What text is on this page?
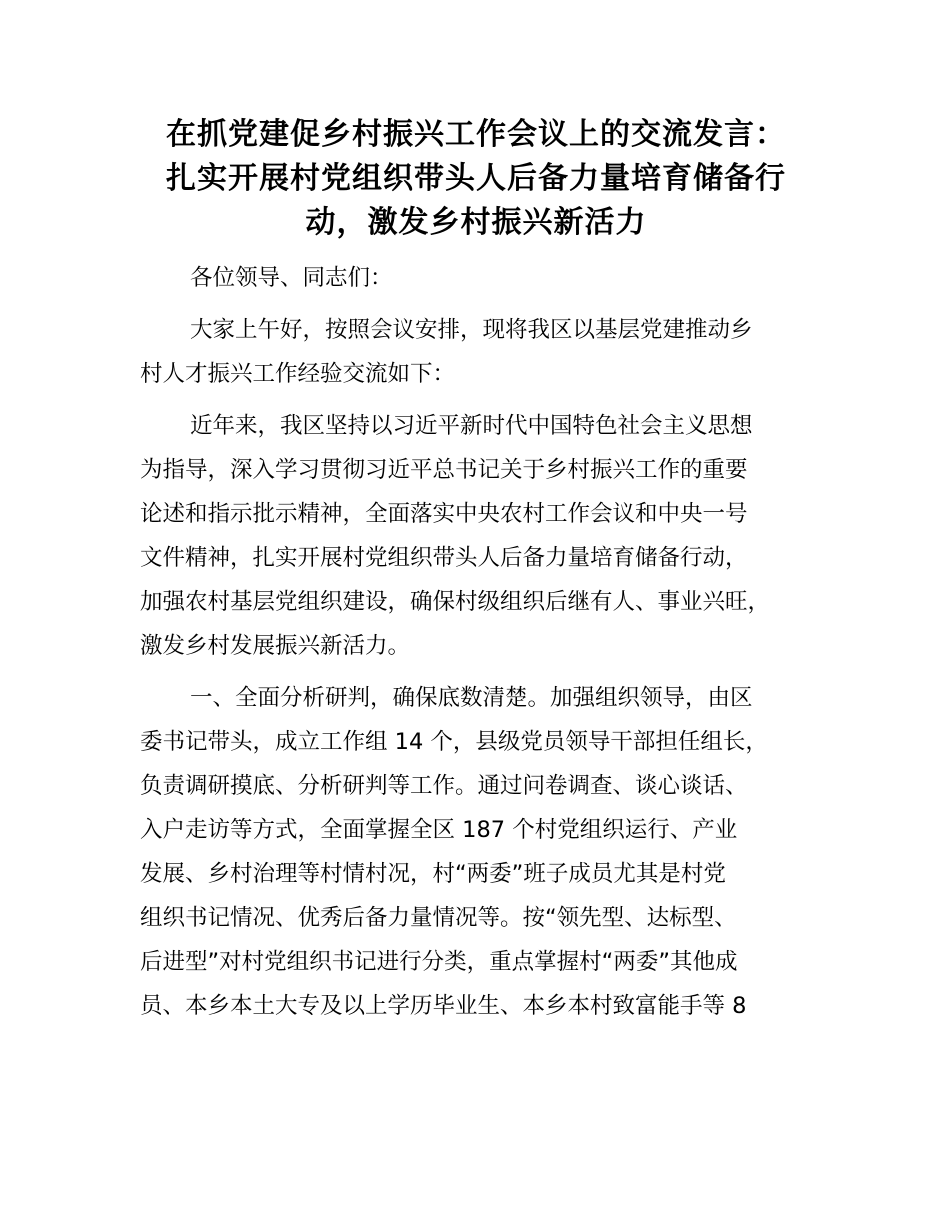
在抓党建促乡村振兴工作会议上的交流发言：
扎实开展村党组织带头人后备力量培育储备行
动，激发乡村振兴新活力

各位领导、同志们：

大家上午好，按照会议安排，现将我区以基层党建推动乡
村人才振兴工作经验交流如下：

近年来，我区坚持以习近平新时代中国特色社会主义思想
为指导，深入学习贯彻习近平总书记关于乡村振兴工作的重要
论述和指示批示精神，全面落实中央农村工作会议和中央一号
文件精神，扎实开展村党组织带头人后备力量培育储备行动，
加强农村基层党组织建设，确保村级组织后继有人、事业兴旺，
激发乡村发展振兴新活力。

一、全面分析研判，确保底数清楚。加强组织领导，由区
委书记带头，成立工作组 14 个，县级党员领导干部担任组长，
负责调研摸底、分析研判等工作。通过问卷调查、谈心谈话、
入户走访等方式，全面掌握全区 187 个村党组织运行、产业
发展、乡村治理等村情村况，村“两委”班子成员尤其是村党
组织书记情况、优秀后备力量情况等。按“领先型、达标型、
后进型”对村党组织书记进行分类，重点掌握村“两委”其他成
员、本乡本土大专及以上学历毕业生、本乡本村致富能手等 8
